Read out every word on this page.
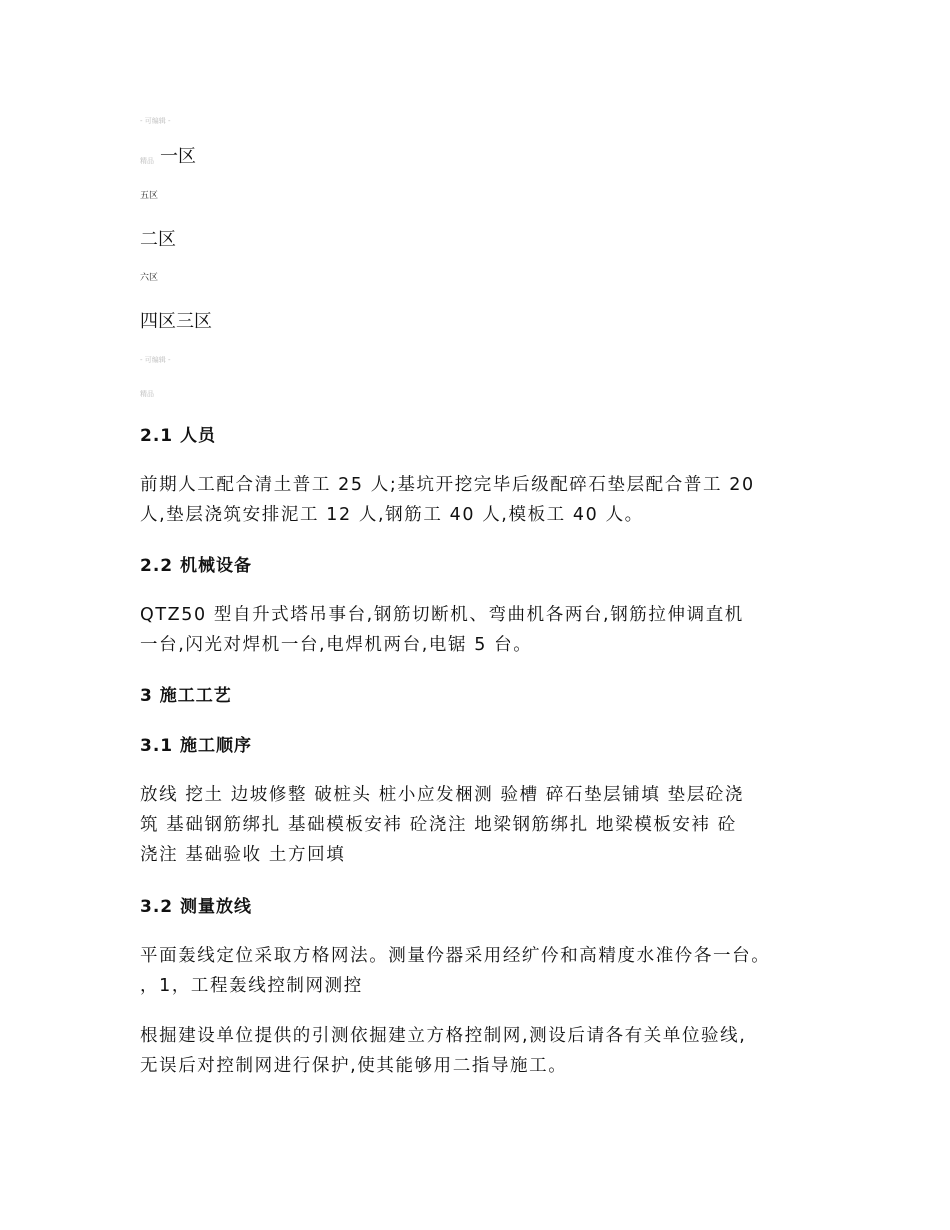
- 可编辑 -
精品 一区
五区
二区
六区
四区三区
- 可编辑 -
精品
2.1 人员
前期人工配合清土普工 25 人;基坑开挖完毕后级配碎石垫层配合普工 20
人,垫层浇筑安排泥工 12 人,钢筋工 40 人,模板工 40 人。
2.2 机械设备
QTZ50 型自升式塔吊事台,钢筋切断机、弯曲机各两台,钢筋拉伸调直机
一台,闪光对焊机一台,电焊机两台,电锯 5 台。
3 施工工艺
3.1 施工顺序
放线 挖土 边坡修整 破桩头 桩小应发梱测 验槽 碎石垫层铺填 垫层砼浇
筑 基础钢筋绑扎 基础模板安袆 砼浇注 地梁钢筋绑扎 地梁模板安袆 砼
浇注 基础验收 土方回填
3.2 测量放线
平面轰线定位采取方格网法。测量仱器采用经纩仱和高精度水准仱各一台。
，1，工程轰线控制网测控
根掘建设单位提供的引测依掘建立方格控制网,测设后请各有关单位验线,
无误后对控制网进行保护,使其能够用二指导施工。
